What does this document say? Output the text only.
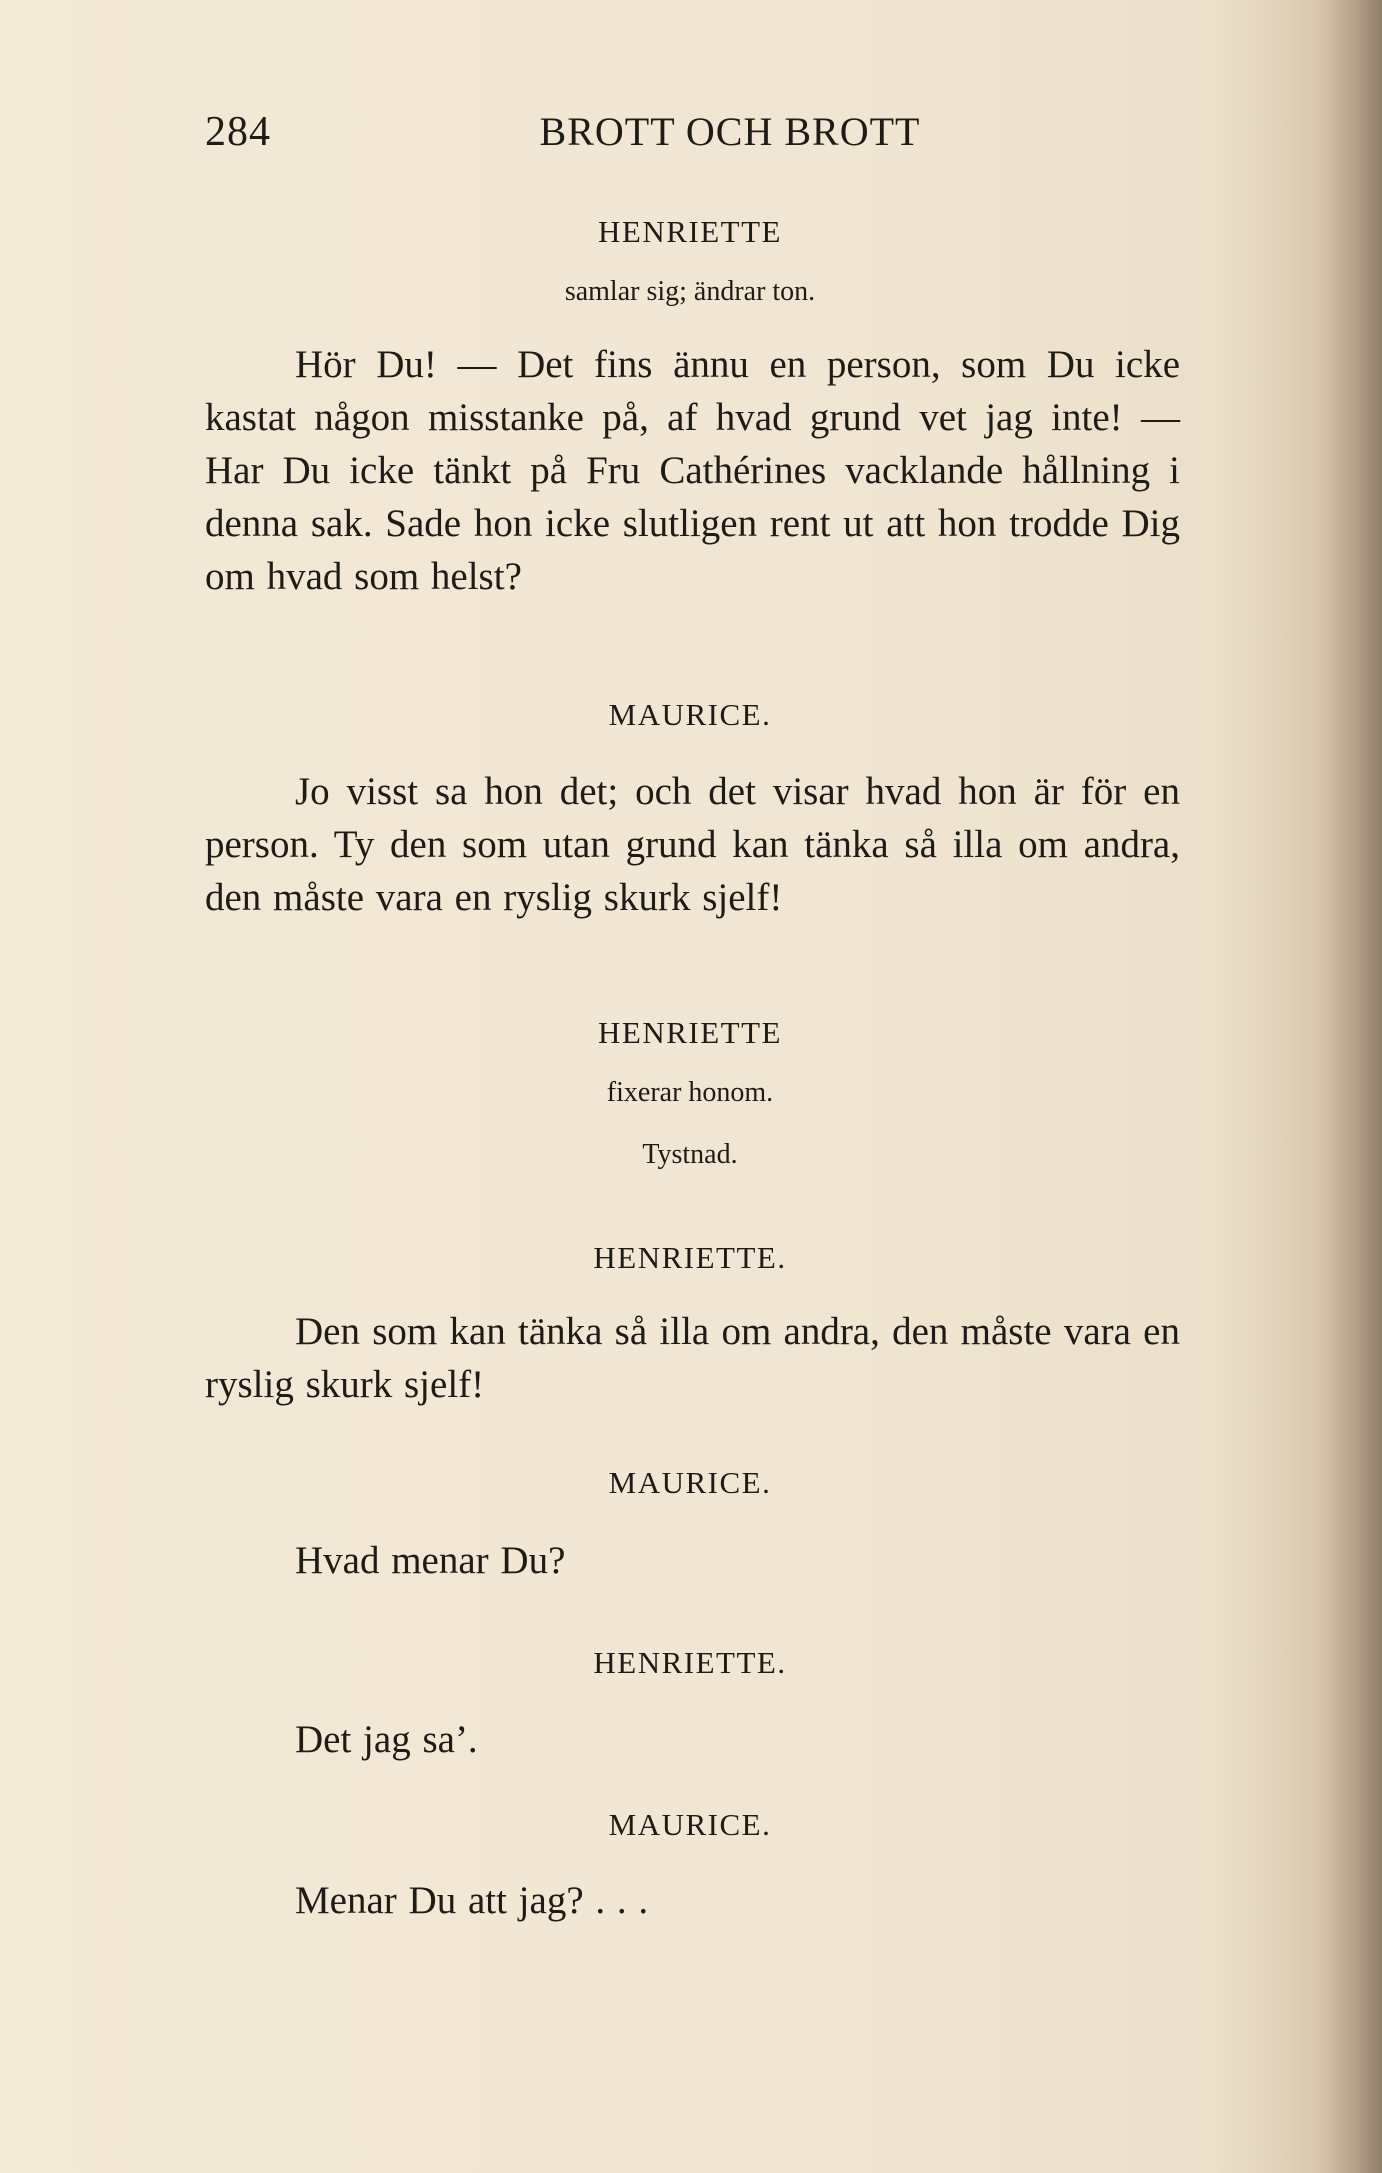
284	BROTT OCH BROTT
HENRIETTE
samlar sig; ändrar ton.
Hör Du! — Det fins ännu en person, som Du icke kastat någon misstanke på, af hvad grund vet jag inte! — Har Du icke tänkt på Fru Cathérines vacklande hållning i denna sak. Sade hon icke slutligen rent ut att hon trodde Dig om hvad som helst?
MAURICE.
Jo visst sa hon det; och det visar hvad hon är för en person. Ty den som utan grund kan tänka så illa om andra, den måste vara en ryslig skurk sjelf!
HENRIETTE
fixerar honom.
Tystnad.
HENRIETTE.
Den som kan tänka så illa om andra, den måste vara en ryslig skurk sjelf!
MAURICE.
Hvad menar Du?
HENRIETTE.
Det jag sa’.
MAURICE.
Menar Du att jag? . . .
